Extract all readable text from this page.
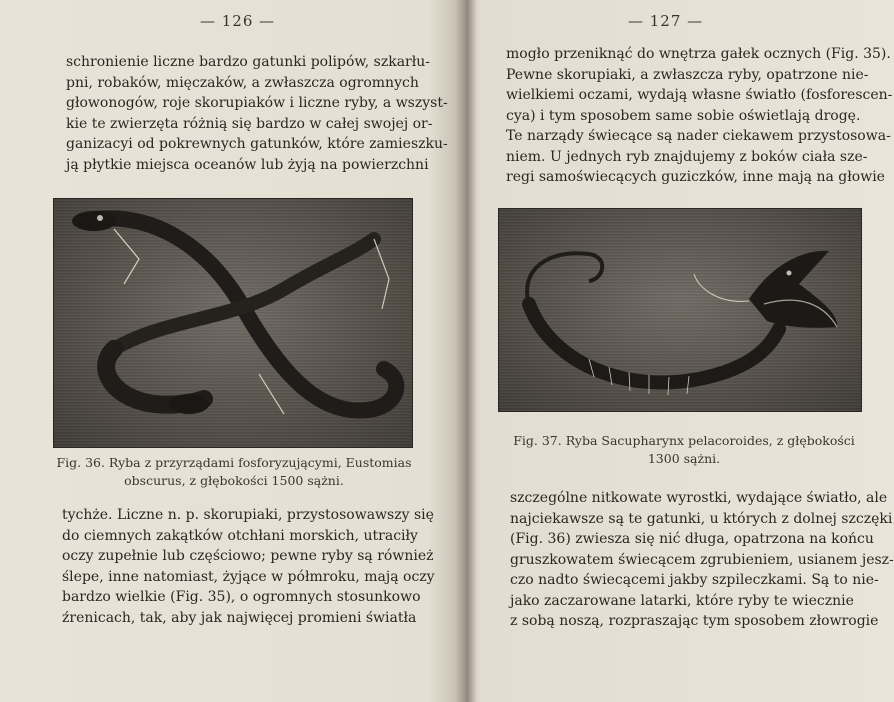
— 126 —
schronienie liczne bardzo gatunki polipów, szkarłu-
pni, robaków, mięczaków, a zwłaszcza ogromnych
głowonogów, roje skorupiaków i liczne ryby, a wszyst-
kie te zwierzęta różnią się bardzo w całej swojej or-
ganizacyi od pokrewnych gatunków, które zamieszku-
ją płytkie miejsca oceanów lub żyją na powierzchni
Fig. 36. Ryba z przyrządami fosforyzującymi, Eustomias
obscurus, z głębokości 1500 sążni.
tychże. Liczne n. p. skorupiaki, przystosowawszy się
do ciemnych zakątków otchłani morskich, utraciły
oczy zupełnie lub częściowo; pewne ryby są również
ślepe, inne natomiast, żyjące w półmroku, mają oczy
bardzo wielkie (Fig. 35), o ogromnych stosunkowo
źrenicach, tak, aby jak najwięcej promieni światła
— 127 —
mogło przeniknąć do wnętrza gałek ocznych (Fig. 35).
Pewne skorupiaki, a zwłaszcza ryby, opatrzone nie-
wielkiemi oczami, wydają własne światło (fosforescen-
cya) i tym sposobem same sobie oświetlają drogę.
Te narządy świecące są nader ciekawem przystosowa-
niem. U jednych ryb znajdujemy z boków ciała sze-
regi samoświecących guziczków, inne mają na głowie
Fig. 37. Ryba Sacupharynx pelacoroides, z głębokości
1300 sążni.
szczególne nitkowate wyrostki, wydające światło, ale
najciekawsze są te gatunki, u których z dolnej szczęki
(Fig. 36) zwiesza się nić długa, opatrzona na końcu
gruszkowatem świecącem zgrubieniem, usianem jesz-
czo nadto świecącemi jakby szpileczkami. Są to nie-
jako zaczarowane latarki, które ryby te wiecznie
z sobą noszą, rozpraszając tym sposobem złowrogie
